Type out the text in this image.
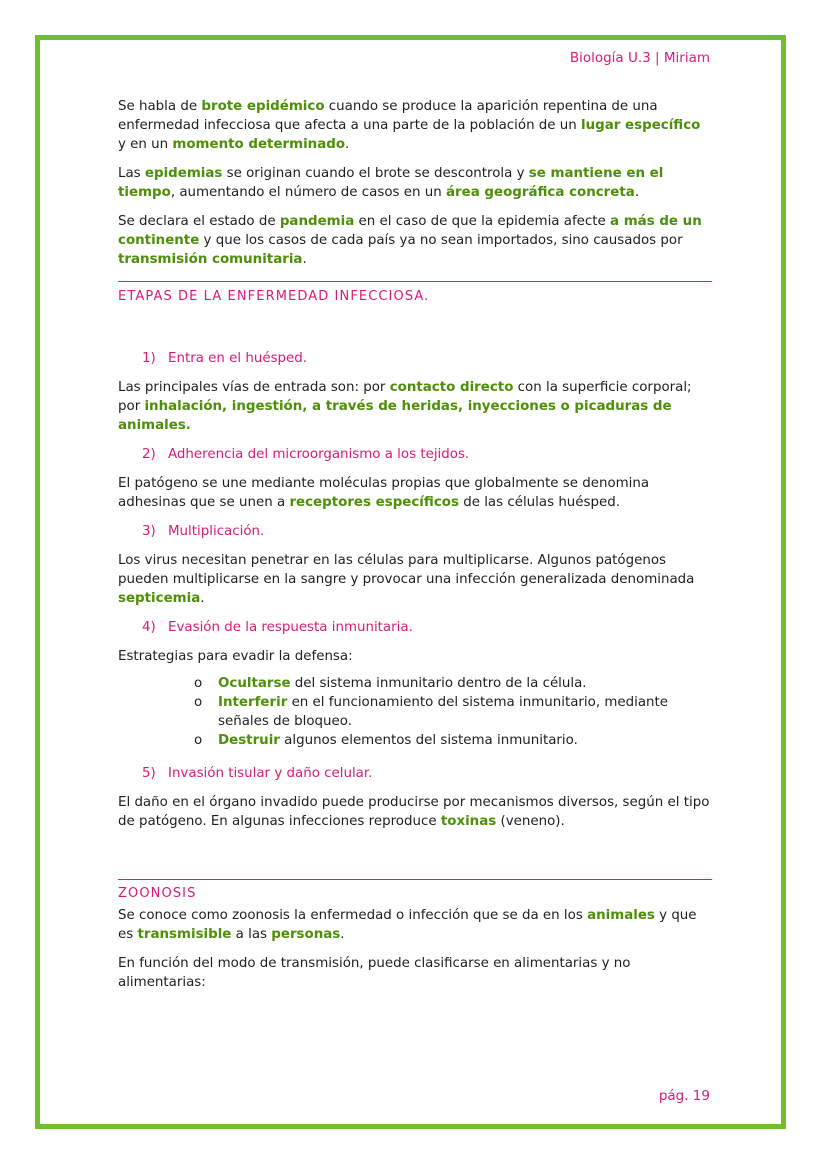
Biología U.3 | Miriam

Se habla de brote epidémico cuando se produce la aparición repentina de una enfermedad infecciosa que afecta a una parte de la población de un lugar específico y en un momento determinado.

Las epidemias se originan cuando el brote se descontrola y se mantiene en el tiempo, aumentando el número de casos en un área geográfica concreta.

Se declara el estado de pandemia en el caso de que la epidemia afecte a más de un continente y que los casos de cada país ya no sean importados, sino causados por transmisión comunitaria.

ETAPAS DE LA ENFERMEDAD INFECCIOSA.
1) Entra en el huésped.

Las principales vías de entrada son: por contacto directo con la superficie corporal; por inhalación, ingestión, a través de heridas, inyecciones o picaduras de animales.

2) Adherencia del microorganismo a los tejidos.

El patógeno se une mediante moléculas propias que globalmente se denomina adhesinas que se unen a receptores específicos de las células huésped.

3) Multiplicación.

Los virus necesitan penetrar en las células para multiplicarse. Algunos patógenos pueden multiplicarse en la sangre y provocar una infección generalizada denominada septicemia.

4) Evasión de la respuesta inmunitaria.

Estrategias para evadir la defensa:

o Ocultarse del sistema inmunitario dentro de la célula.
o Interferir en el funcionamiento del sistema inmunitario, mediante señales de bloqueo.
o Destruir algunos elementos del sistema inmunitario.
5) Invasión tisular y daño celular.

El daño en el órgano invadido puede producirse por mecanismos diversos, según el tipo de patógeno. En algunas infecciones reproduce toxinas (veneno).

ZOONOSIS

Se conoce como zoonosis la enfermedad o infección que se da en los animales y que es transmisible a las personas.

En función del modo de transmisión, puede clasificarse en alimentarias y no alimentarias:

pág. 19
